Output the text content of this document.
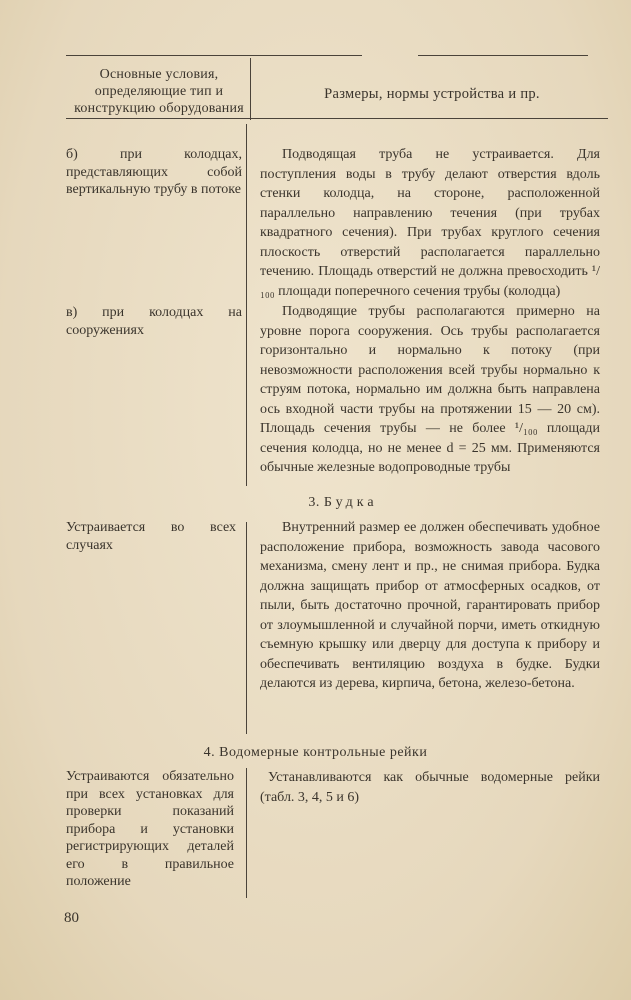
Основные условия, определяющие тип и конструкцию оборудования
Размеры, нормы устройства и пр.
б) при колодцах, представляющих собой вертикальную трубу в потоке

Подводящая труба не устраивается. Для поступления воды в трубу делают отверстия вдоль стенки колодца, на стороне, расположенной параллельно направлению течения (при трубах квадратного сечения). При трубах круглого сечения плоскость отверстий располагается параллельно течению. Площадь отверстий не должна превосходить ¹/₁₀₀ площади поперечного сечения трубы (колодца)

в) при колодцах на сооружениях

Подводящие трубы располагаются примерно на уровне порога сооружения. Ось трубы располагается горизонтально и нормально к потоку (при невозможности расположения всей трубы нормально к струям потока, нормально им должна быть направлена ось входной части трубы на протяжении 15 — 20 см). Площадь сечения трубы — не более ¹/₁₀₀ площади сечения колодца, но не менее d = 25 мм. Применяются обычные железные водопроводные трубы

3. Будка
Устраивается во всех случаях

Внутренний размер ее должен обеспечивать удобное расположение прибора, возможность завода часового механизма, смену лент и пр., не снимая прибора. Будка должна защищать прибор от атмосферных осадков, от пыли, быть достаточно прочной, гарантировать прибор от злоумышленной и случайной порчи, иметь откидную съемную крышку или дверцу для доступа к прибору и обеспечивать вентиляцию воздуха в будке. Будки делаются из дерева, кирпича, бетона, железо-бетона.

4. Водомерные контрольные рейки
Устраиваются обязательно при всех установках для проверки показаний прибора и установки регистрирующих деталей его в правильное положение

Устанавливаются как обычные водомерные рейки (табл. 3, 4, 5 и 6)

80
